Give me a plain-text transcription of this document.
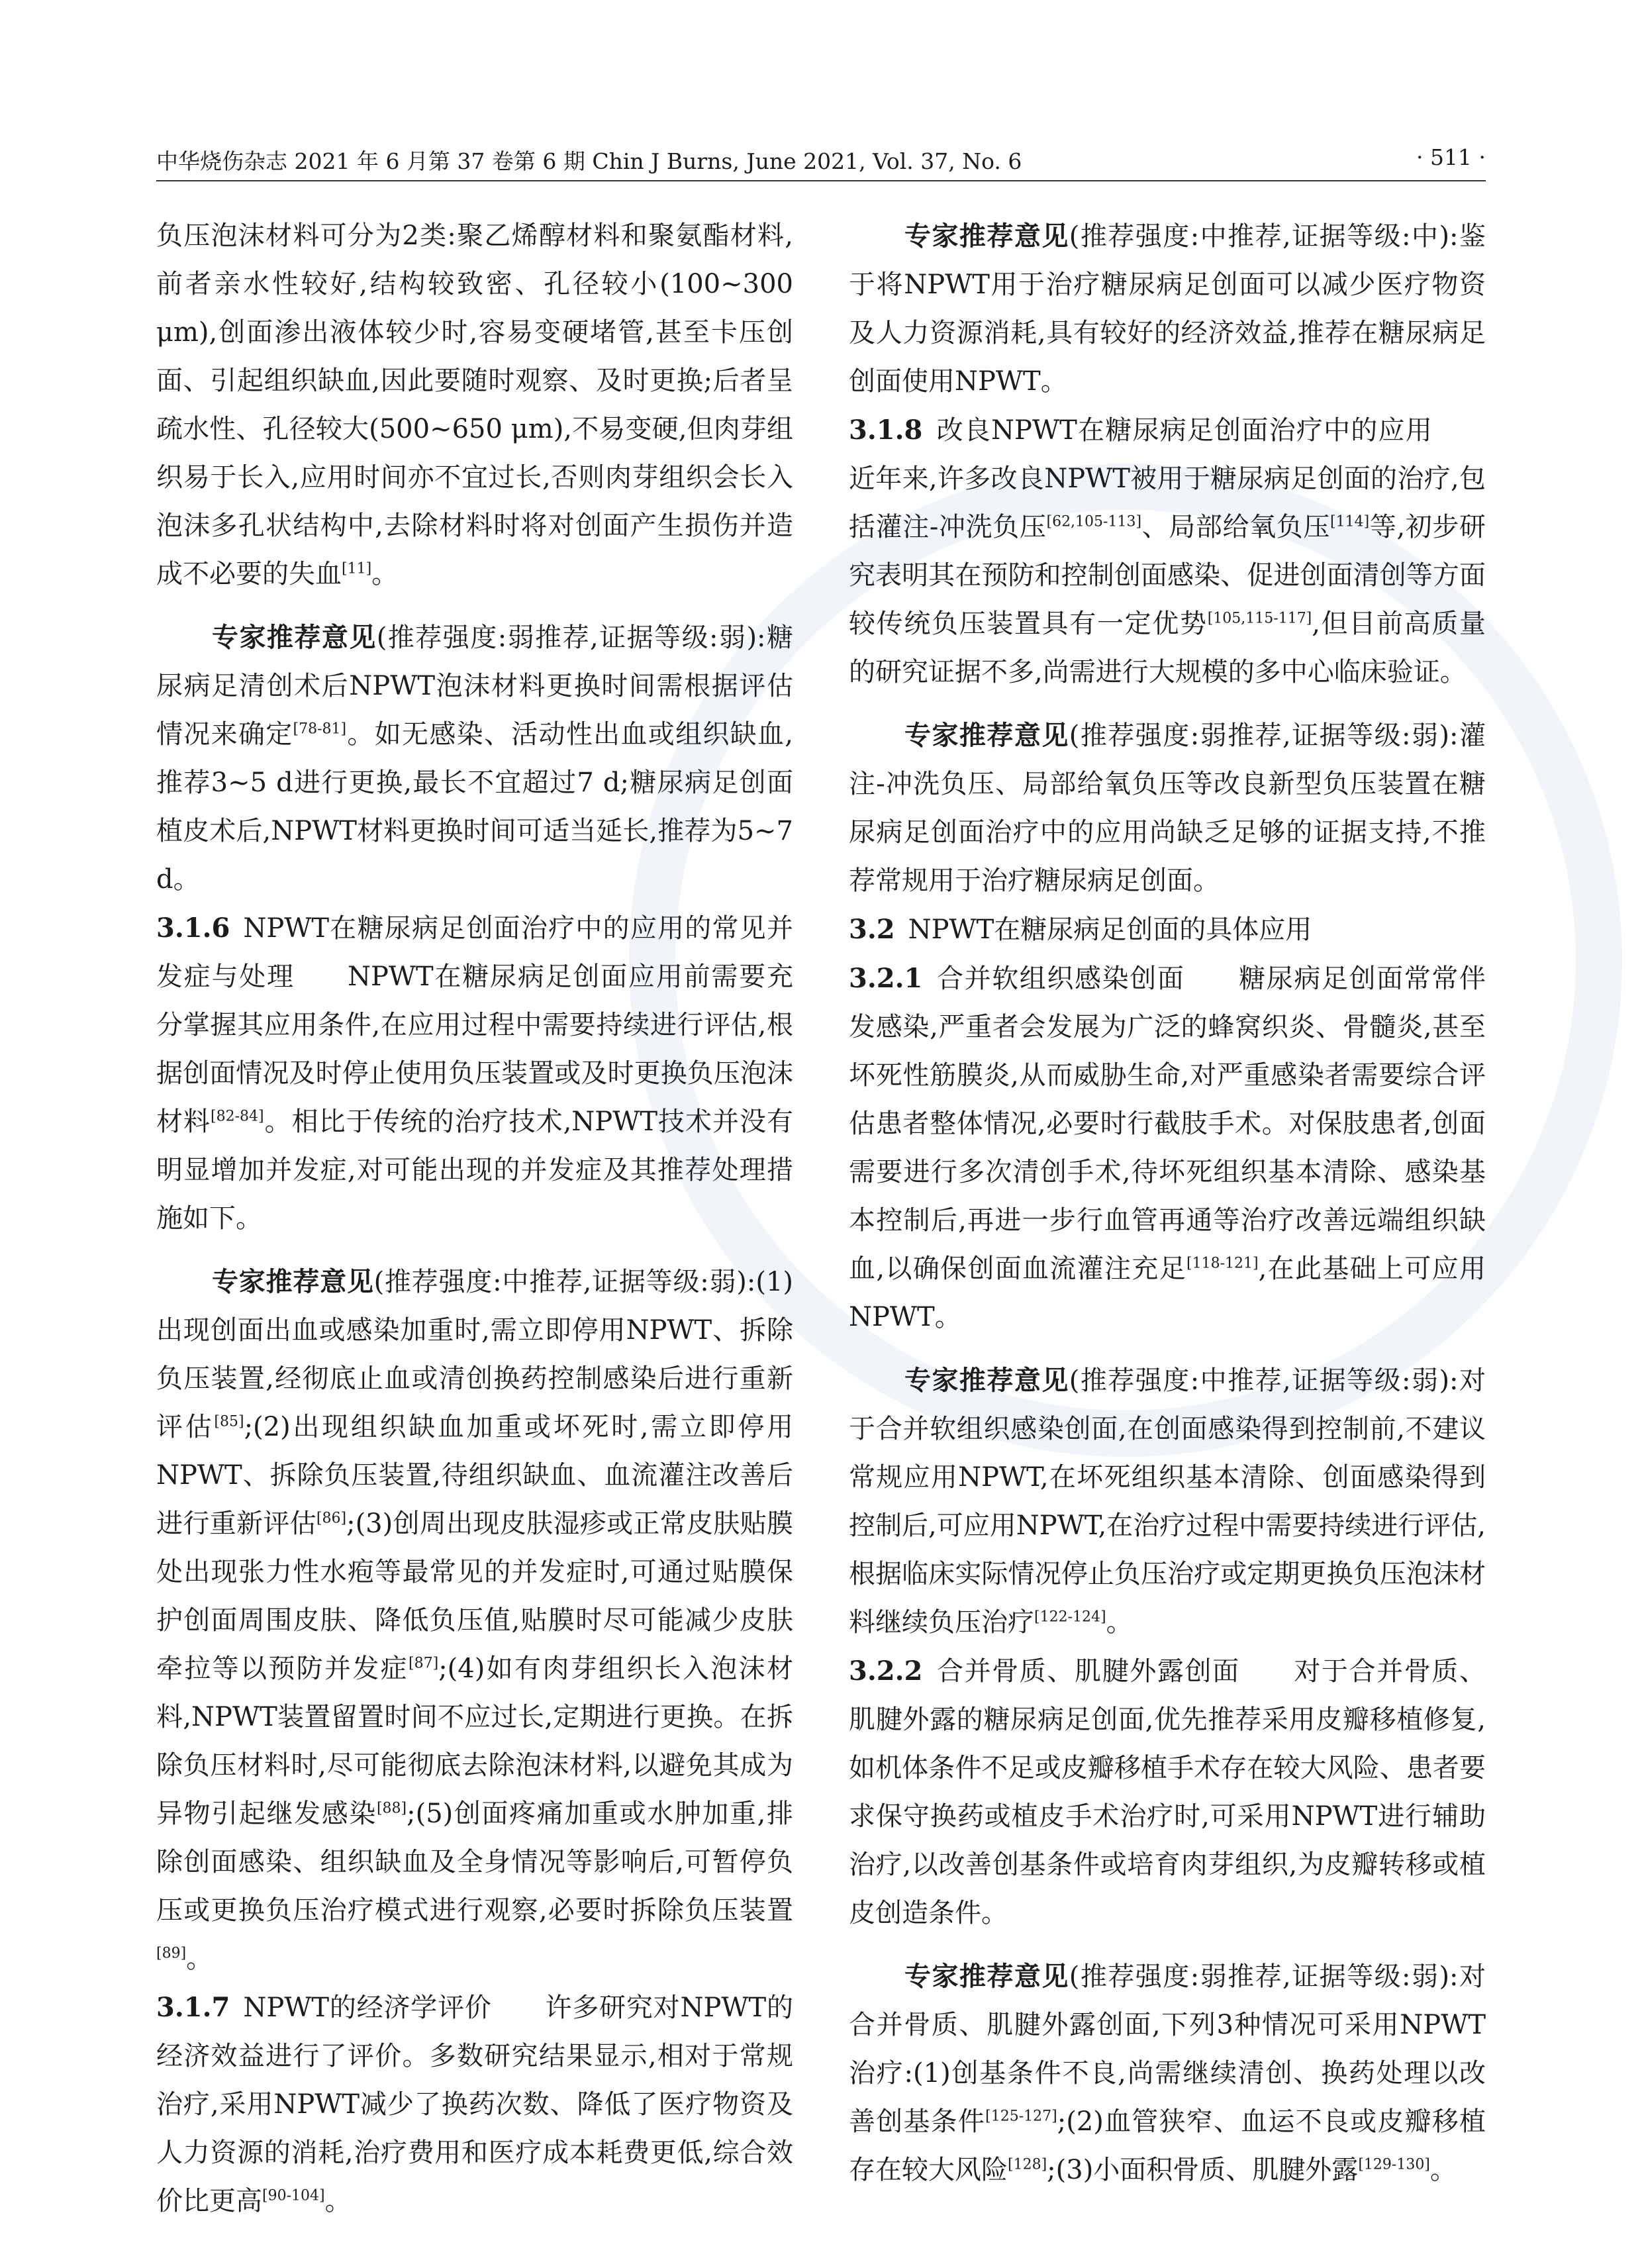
中华烧伤杂志 2021 年 6 月第 37 卷第 6 期 Chin J Burns, June 2021, Vol. 37, No. 6	· 511 ·

负压泡沫材料可分为2类:聚乙烯醇材料和聚氨酯材料,前者亲水性较好,结构较致密、孔径较小(100~300 μm),创面渗出液体较少时,容易变硬堵管,甚至卡压创面、引起组织缺血,因此要随时观察、及时更换;后者呈疏水性、孔径较大(500~650 μm),不易变硬,但肉芽组织易于长入,应用时间亦不宜过长,否则肉芽组织会长入泡沫多孔状结构中,去除材料时将对创面产生损伤并造成不必要的失血[11]。

专家推荐意见(推荐强度:弱推荐,证据等级:弱):糖尿病足清创术后NPWT泡沫材料更换时间需根据评估情况来确定[78-81]。如无感染、活动性出血或组织缺血,推荐3~5 d进行更换,最长不宜超过7 d;糖尿病足创面植皮术后,NPWT材料更换时间可适当延长,推荐为5~7 d。

3.1.6  NPWT在糖尿病足创面治疗中的应用的常见并发症与处理   NPWT在糖尿病足创面应用前需要充分掌握其应用条件,在应用过程中需要持续进行评估,根据创面情况及时停止使用负压装置或及时更换负压泡沫材料[82-84]。相比于传统的治疗技术,NPWT技术并没有明显增加并发症,对可能出现的并发症及其推荐处理措施如下。

专家推荐意见(推荐强度:中推荐,证据等级:弱):(1)出现创面出血或感染加重时,需立即停用NPWT、拆除负压装置,经彻底止血或清创换药控制感染后进行重新评估[85];(2)出现组织缺血加重或坏死时,需立即停用NPWT、拆除负压装置,待组织缺血、血流灌注改善后进行重新评估[86];(3)创周出现皮肤湿疹或正常皮肤贴膜处出现张力性水疱等最常见的并发症时,可通过贴膜保护创面周围皮肤、降低负压值,贴膜时尽可能减少皮肤牵拉等以预防并发症[87];(4)如有肉芽组织长入泡沫材料,NPWT装置留置时间不应过长,定期进行更换。在拆除负压材料时,尽可能彻底去除泡沫材料,以避免其成为异物引起继发感染[88];(5)创面疼痛加重或水肿加重,排除创面感染、组织缺血及全身情况等影响后,可暂停负压或更换负压治疗模式进行观察,必要时拆除负压装置[89]。

3.1.7  NPWT的经济学评价   许多研究对NPWT的经济效益进行了评价。多数研究结果显示,相对于常规治疗,采用NPWT减少了换药次数、降低了医疗物资及人力资源的消耗,治疗费用和医疗成本耗费更低,综合效价比更高[90-104]。

专家推荐意见(推荐强度:中推荐,证据等级:中):鉴于将NPWT用于治疗糖尿病足创面可以减少医疗物资及人力资源消耗,具有较好的经济效益,推荐在糖尿病足创面使用NPWT。

3.1.8  改良NPWT在糖尿病足创面治疗中的应用  近年来,许多改良NPWT被用于糖尿病足创面的治疗,包括灌注-冲洗负压[62,105-113]、局部给氧负压[114]等,初步研究表明其在预防和控制创面感染、促进创面清创等方面较传统负压装置具有一定优势[105,115-117],但目前高质量的研究证据不多,尚需进行大规模的多中心临床验证。

专家推荐意见(推荐强度:弱推荐,证据等级:弱):灌注-冲洗负压、局部给氧负压等改良新型负压装置在糖尿病足创面治疗中的应用尚缺乏足够的证据支持,不推荐常规用于治疗糖尿病足创面。

3.2  NPWT在糖尿病足创面的具体应用

3.2.1  合并软组织感染创面   糖尿病足创面常常伴发感染,严重者会发展为广泛的蜂窝织炎、骨髓炎,甚至坏死性筋膜炎,从而威胁生命,对严重感染者需要综合评估患者整体情况,必要时行截肢手术。对保肢患者,创面需要进行多次清创手术,待坏死组织基本清除、感染基本控制后,再进一步行血管再通等治疗改善远端组织缺血,以确保创面血流灌注充足[118-121],在此基础上可应用NPWT。

专家推荐意见(推荐强度:中推荐,证据等级:弱):对于合并软组织感染创面,在创面感染得到控制前,不建议常规应用NPWT,在坏死组织基本清除、创面感染得到控制后,可应用NPWT,在治疗过程中需要持续进行评估,根据临床实际情况停止负压治疗或定期更换负压泡沫材料继续负压治疗[122-124]。

3.2.2  合并骨质、肌腱外露创面   对于合并骨质、肌腱外露的糖尿病足创面,优先推荐采用皮瓣移植修复,如机体条件不足或皮瓣移植手术存在较大风险、患者要求保守换药或植皮手术治疗时,可采用NPWT进行辅助治疗,以改善创基条件或培育肉芽组织,为皮瓣转移或植皮创造条件。

专家推荐意见(推荐强度:弱推荐,证据等级:弱):对合并骨质、肌腱外露创面,下列3种情况可采用NPWT治疗:(1)创基条件不良,尚需继续清创、换药处理以改善创基条件[125-127];(2)血管狭窄、血运不良或皮瓣移植存在较大风险[128];(3)小面积骨质、肌腱外露[129-130]。
